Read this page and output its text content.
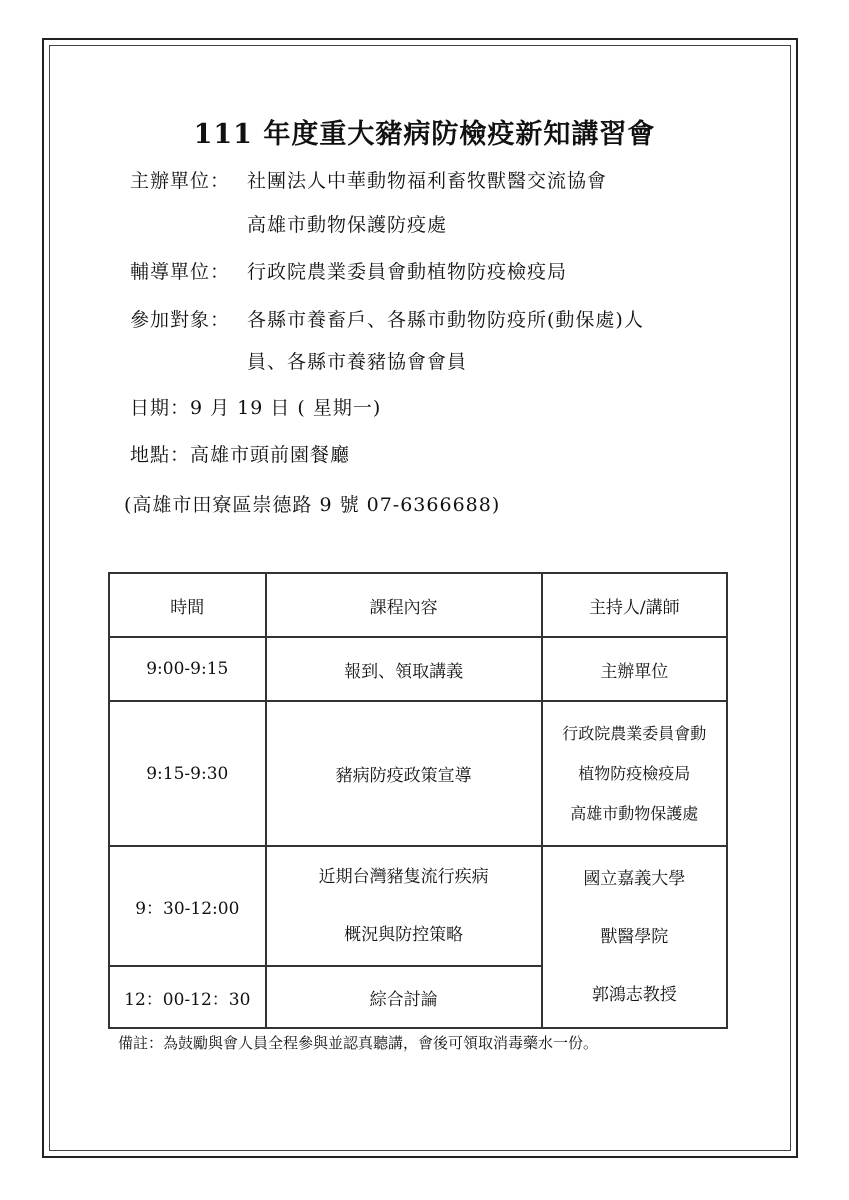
111 年度重大豬病防檢疫新知講習會
主辦單位： 社團法人中華動物福利畜牧獸醫交流協會
高雄市動物保護防疫處
輔導單位： 行政院農業委員會動植物防疫檢疫局
參加對象： 各縣市養畜戶、各縣市動物防疫所(動保處)人
員、各縣市養豬協會會員
日期：9 月 19 日 ( 星期一)
地點：高雄市頭前園餐廳
(高雄市田寮區崇德路 9 號 07-6366688)
時間	課程內容	主持人/講師
9:00-9:15	報到、領取講義	主辦單位
9:15-9:30	豬病防疫政策宣導	行政院農業委員會動
植物防疫檢疫局
高雄市動物保護處

9：30-12:00	近期台灣豬隻流行疾病
概況與防控策略	國立嘉義大學
獸醫學院
郭鴻志教授

12：00-12：30	綜合討論	
備註：為鼓勵與會人員全程參與並認真聽講，會後可領取消毒藥水一份。
